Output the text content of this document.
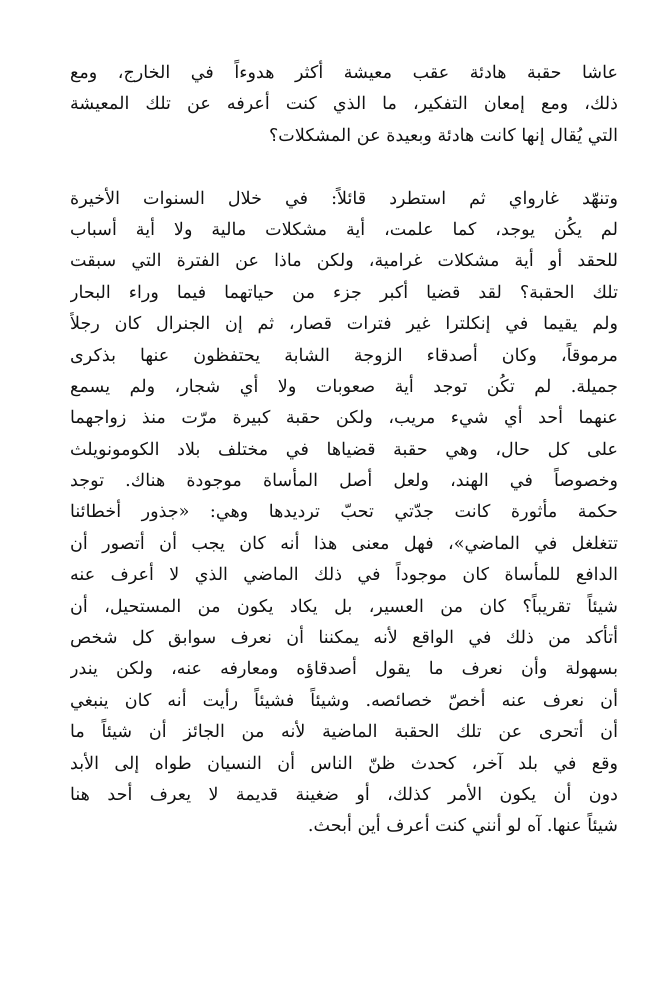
عاشا حقبة هادئة عقب معيشة أكثر هدوءاً في الخارج، ومع
ذلك، ومع إمعان التفكير، ما الذي كنت أعرفه عن تلك المعيشة
التي يُقال إنها كانت هادئة وبعيدة عن المشكلات؟
وتنهّد غارواي ثم استطرد قائلاً: في خلال السنوات الأخيرة
لم يكُن يوجد، كما علمت، أية مشكلات مالية ولا أية أسباب
للحقد أو أية مشكلات غرامية، ولكن ماذا عن الفترة التي سبقت
تلك الحقبة؟ لقد قضيا أكبر جزء من حياتهما فيما وراء البحار
ولم يقيما في إنكلترا غير فترات قصار، ثم إن الجنرال كان رجلاً
مرموقاً، وكان أصدقاء الزوجة الشابة يحتفظون عنها بذكرى
جميلة. لم تكُن توجد أية صعوبات ولا أي شجار، ولم يسمع
عنهما أحد أي شيء مريب، ولكن حقبة كبيرة مرّت منذ زواجهما
على كل حال، وهي حقبة قضياها في مختلف بلاد الكومونويلث
وخصوصاً في الهند، ولعل أصل المأساة موجودة هناك. توجد
حكمة مأثورة كانت جدّتي تحبّ ترديدها وهي: «جذور أخطائنا
تتغلغل في الماضي»، فهل معنى هذا أنه كان يجب أن أتصور أن
الدافع للمأساة كان موجوداً في ذلك الماضي الذي لا أعرف عنه
شيئاً تقريباً؟ كان من العسير، بل يكاد يكون من المستحيل، أن
أتأكد من ذلك في الواقع لأنه يمكننا أن نعرف سوابق كل شخص
بسهولة وأن نعرف ما يقول أصدقاؤه ومعارفه عنه، ولكن يندر
أن نعرف عنه أخصّ خصائصه. وشيئاً فشيئاً رأيت أنه كان ينبغي
أن أتحرى عن تلك الحقبة الماضية لأنه من الجائز أن شيئاً ما
وقع في بلد آخر، كحدث ظنّ الناس أن النسيان طواه إلى الأبد
دون أن يكون الأمر كذلك، أو ضغينة قديمة لا يعرف أحد هنا
شيئاً عنها. آه لو أنني كنت أعرف أين أبحث.
